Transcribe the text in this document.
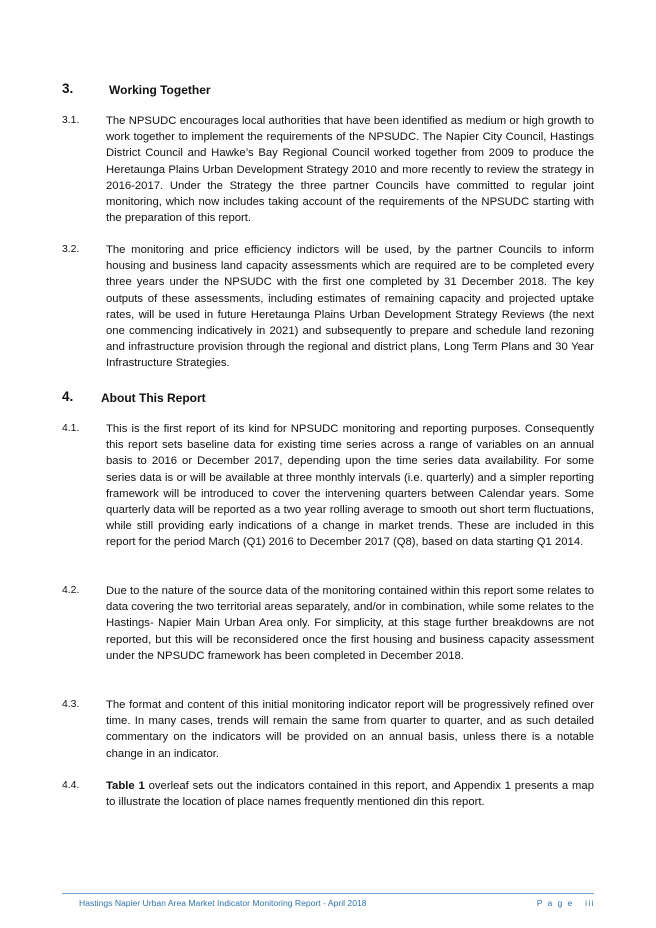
3.	Working Together
3.1. The NPSUDC encourages local authorities that have been identified as medium or high growth to work together to implement the requirements of the NPSUDC. The Napier City Council, Hastings District Council and Hawke’s Bay Regional Council worked together from 2009 to produce the Heretaunga Plains Urban Development Strategy 2010 and more recently to review the strategy in 2016-2017. Under the Strategy the three partner Councils have committed to regular joint monitoring, which now includes taking account of the requirements of the NPSUDC starting with the preparation of this report.
3.2. The monitoring and price efficiency indictors will be used, by the partner Councils to inform housing and business land capacity assessments which are required are to be completed every three years under the NPSUDC with the first one completed by 31 December 2018. The key outputs of these assessments, including estimates of remaining capacity and projected uptake rates, will be used in future Heretaunga Plains Urban Development Strategy Reviews (the next one commencing indicatively in 2021) and subsequently to prepare and schedule land rezoning and infrastructure provision through the regional and district plans, Long Term Plans and 30 Year Infrastructure Strategies.
4. About This Report
4.1. This is the first report of its kind for NPSUDC monitoring and reporting purposes. Consequently this report sets baseline data for existing time series across a range of variables on an annual basis to 2016 or December 2017, depending upon the time series data availability. For some series data is or will be available at three monthly intervals (i.e. quarterly) and a simpler reporting framework will be introduced to cover the intervening quarters between Calendar years. Some quarterly data will be reported as a two year rolling average to smooth out short term fluctuations, while still providing early indications of a change in market trends. These are included in this report for the period March (Q1) 2016 to December 2017 (Q8), based on data starting Q1 2014.
4.2. Due to the nature of the source data of the monitoring contained within this report some relates to data covering the two territorial areas separately, and/or in combination, while some relates to the Hastings- Napier Main Urban Area only. For simplicity, at this stage further breakdowns are not reported, but this will be reconsidered once the first housing and business capacity assessment under the NPSUDC framework has been completed in December 2018.
4.3. The format and content of this initial monitoring indicator report will be progressively refined over time. In many cases, trends will remain the same from quarter to quarter, and as such detailed commentary on the indicators will be provided on an annual basis, unless there is a notable change in an indicator.
4.4. Table 1 overleaf sets out the indicators contained in this report, and Appendix 1 presents a map to illustrate the location of place names frequently mentioned din this report.
Hastings Napier Urban Area Market Indicator Monitoring Report - April 2018	P a g e iii
